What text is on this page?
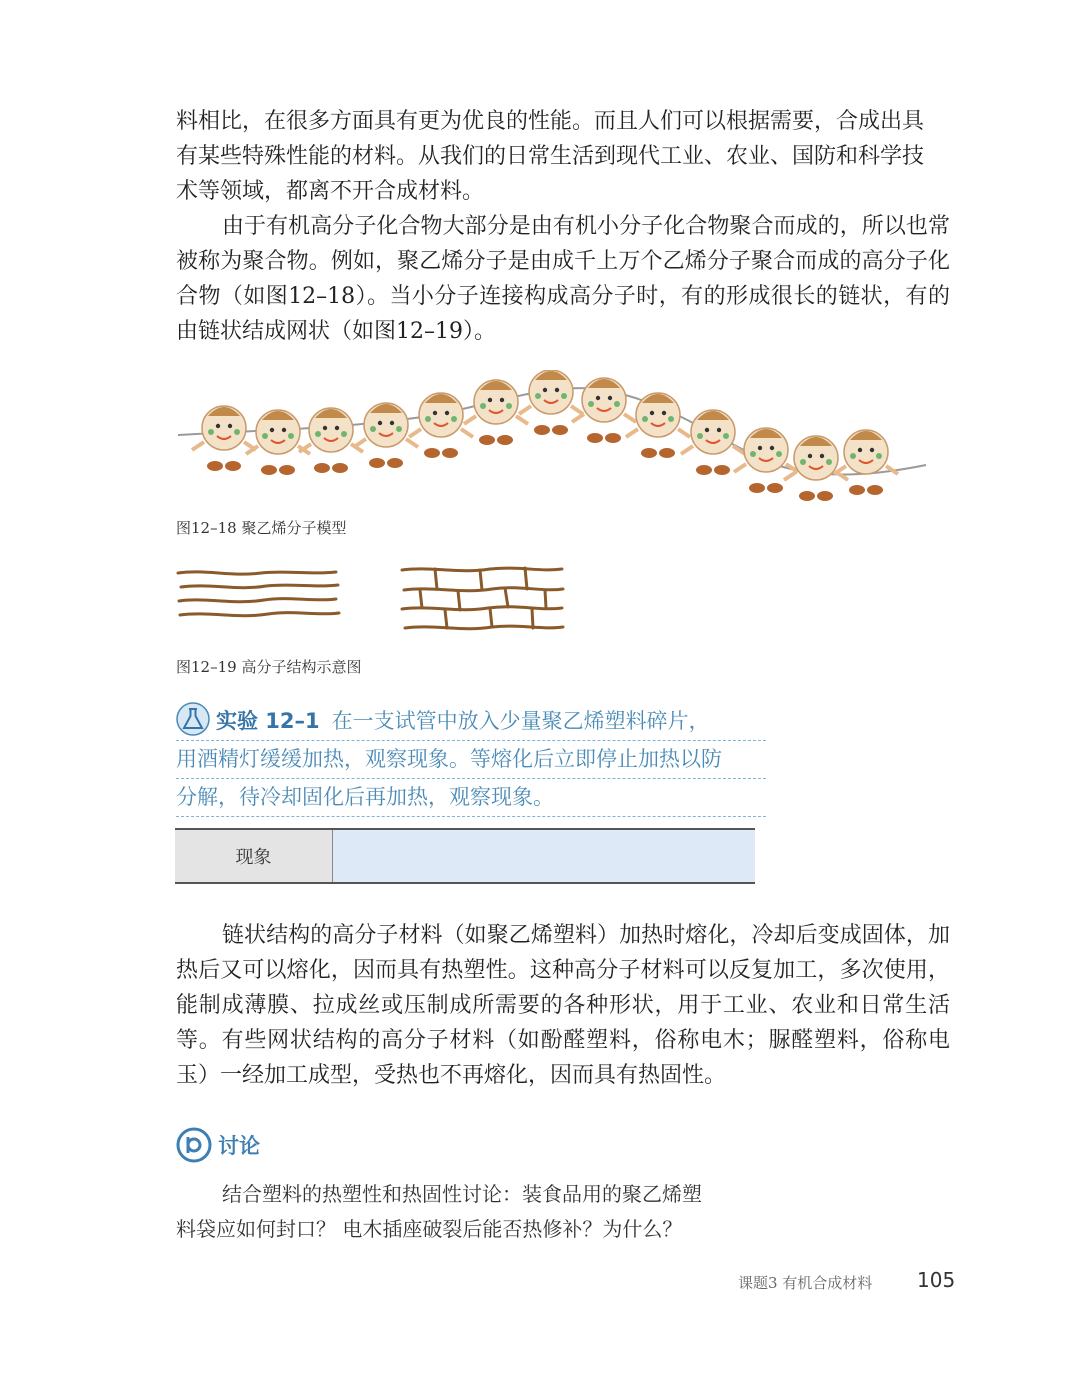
料相比，在很多方面具有更为优良的性能。而且人们可以根据需要，合成出具

有某些特殊性能的材料。从我们的日常生活到现代工业、农业、国防和科学技

术等领域，都离不开合成材料。

由于有机高分子化合物大部分是由有机小分子化合物聚合而成的，所以也常被称为聚合物。例如，聚乙烯分子是由成千上万个乙烯分子聚合而成的高分子化合物（如图12–18）。当小分子连接构成高分子时，有的形成很长的链状，有的由链状结成网状（如图12–19）。

图12–18 聚乙烯分子模型
图12–19 高分子结构示意图
实验 12–1 在一支试管中放入少量聚乙烯塑料碎片，
用酒精灯缓缓加热，观察现象。等熔化后立即停止加热以防
分解，待冷却固化后再加热，观察现象。
现象	

链状结构的高分子材料（如聚乙烯塑料）加热时熔化，冷却后变成固体，加热后又可以熔化，因而具有热塑性。这种高分子材料可以反复加工，多次使用，能制成薄膜、拉成丝或压制成所需要的各种形状，用于工业、农业和日常生活等。有些网状结构的高分子材料（如酚醛塑料，俗称电木；脲醛塑料，俗称电玉）一经加工成型，受热也不再熔化，因而具有热固性。

讨论

结合塑料的热塑性和热固性讨论：装食品用的聚乙烯塑

料袋应如何封口？ 电木插座破裂后能否热修补？为什么？

课题3 有机合成材料 105
